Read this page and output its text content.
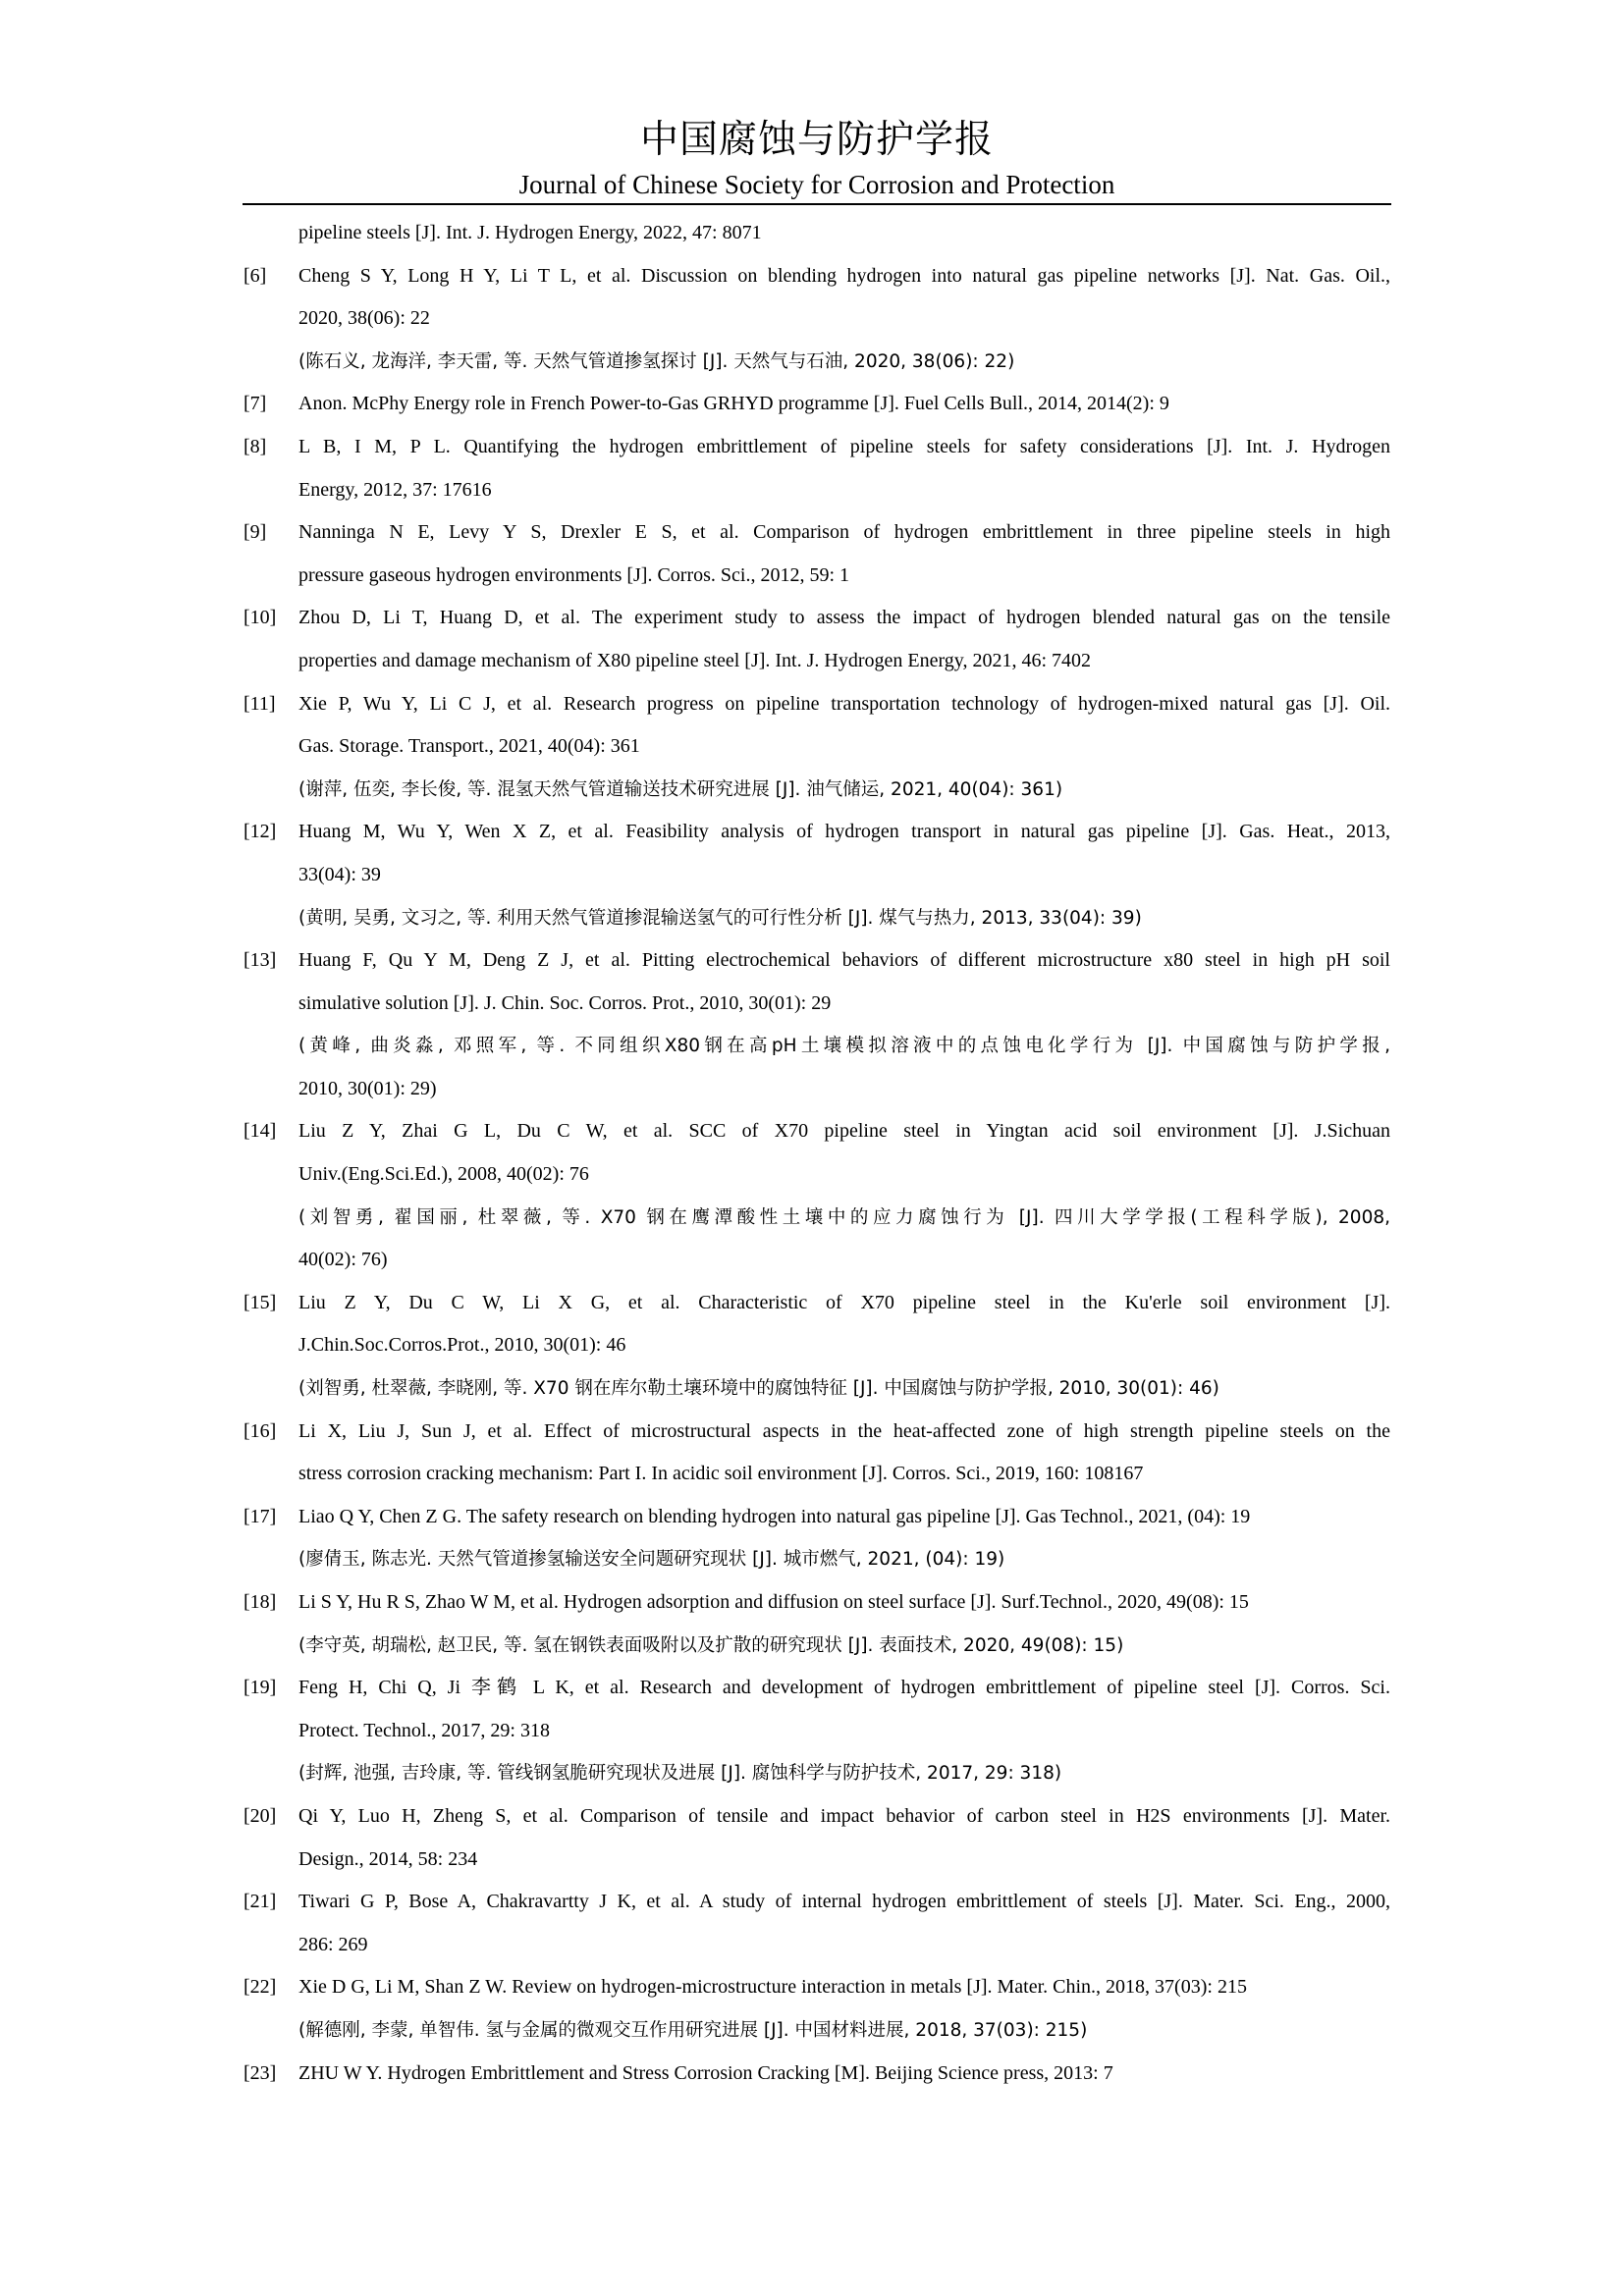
中国腐蚀与防护学报
Journal of Chinese Society for Corrosion and Protection
pipeline steels [J]. Int. J. Hydrogen Energy, 2022, 47: 8071
[6] Cheng S Y, Long H Y, Li T L, et al. Discussion on blending hydrogen into natural gas pipeline networks [J]. Nat. Gas. Oil.,
2020, 38(06): 22
(陈石义, 龙海洋, 李天雷, 等. 天然气管道掺氢探讨 [J]. 天然气与石油, 2020, 38(06): 22)
[7] Anon. McPhy Energy role in French Power-to-Gas GRHYD programme [J]. Fuel Cells Bull., 2014, 2014(2): 9
[8] L B, I M, P L. Quantifying the hydrogen embrittlement of pipeline steels for safety considerations [J]. Int. J. Hydrogen
Energy, 2012, 37: 17616
[9] Nanninga N E, Levy Y S, Drexler E S, et al. Comparison of hydrogen embrittlement in three pipeline steels in high
pressure gaseous hydrogen environments [J]. Corros. Sci., 2012, 59: 1
[10] Zhou D, Li T, Huang D, et al. The experiment study to assess the impact of hydrogen blended natural gas on the tensile
properties and damage mechanism of X80 pipeline steel [J]. Int. J. Hydrogen Energy, 2021, 46: 7402
[11] Xie P, Wu Y, Li C J, et al. Research progress on pipeline transportation technology of hydrogen-mixed natural gas [J]. Oil.
Gas. Storage. Transport., 2021, 40(04): 361
(谢萍, 伍奕, 李长俊, 等. 混氢天然气管道输送技术研究进展 [J]. 油气储运, 2021, 40(04): 361)
[12] Huang M, Wu Y, Wen X Z, et al. Feasibility analysis of hydrogen transport in natural gas pipeline [J]. Gas. Heat., 2013,
33(04): 39
(黄明, 吴勇, 文习之, 等. 利用天然气管道掺混输送氢气的可行性分析 [J]. 煤气与热力, 2013, 33(04): 39)
[13] Huang F, Qu Y M, Deng Z J, et al. Pitting electrochemical behaviors of different microstructure x80 steel in high pH soil
simulative solution [J]. J. Chin. Soc. Corros. Prot., 2010, 30(01): 29
(黄峰, 曲炎淼, 邓照军, 等. 不同组织X80钢在高pH土壤模拟溶液中的点蚀电化学行为 [J]. 中国腐蚀与防护学报,
2010, 30(01): 29)
[14] Liu Z Y, Zhai G L, Du C W, et al. SCC of X70 pipeline steel in Yingtan acid soil environment [J]. J.Sichuan
Univ.(Eng.Sci.Ed.), 2008, 40(02): 76
(刘智勇, 翟国丽, 杜翠薇, 等. X70 钢在鹰潭酸性土壤中的应力腐蚀行为 [J]. 四川大学学报(工程科学版), 2008,
40(02): 76)
[15] Liu Z Y, Du C W, Li X G, et al. Characteristic of X70 pipeline steel in the Ku'erle soil environment [J].
J.Chin.Soc.Corros.Prot., 2010, 30(01): 46
(刘智勇, 杜翠薇, 李晓刚, 等. X70 钢在库尔勒土壤环境中的腐蚀特征 [J]. 中国腐蚀与防护学报, 2010, 30(01): 46)
[16] Li X, Liu J, Sun J, et al. Effect of microstructural aspects in the heat-affected zone of high strength pipeline steels on the
stress corrosion cracking mechanism: Part I. In acidic soil environment [J]. Corros. Sci., 2019, 160: 108167
[17] Liao Q Y, Chen Z G. The safety research on blending hydrogen into natural gas pipeline [J]. Gas Technol., 2021, (04): 19
(廖倩玉, 陈志光. 天然气管道掺氢输送安全问题研究现状 [J]. 城市燃气, 2021, (04): 19)
[18] Li S Y, Hu R S, Zhao W M, et al. Hydrogen adsorption and diffusion on steel surface [J]. Surf.Technol., 2020, 49(08): 15
(李守英, 胡瑞松, 赵卫民, 等. 氢在钢铁表面吸附以及扩散的研究现状 [J]. 表面技术, 2020, 49(08): 15)
[19] Feng H, Chi Q, Ji 李鹤 L K, et al. Research and development of hydrogen embrittlement of pipeline steel [J]. Corros. Sci.
Protect. Technol., 2017, 29: 318
(封辉, 池强, 吉玲康, 等. 管线钢氢脆研究现状及进展 [J]. 腐蚀科学与防护技术, 2017, 29: 318)
[20] Qi Y, Luo H, Zheng S, et al. Comparison of tensile and impact behavior of carbon steel in H2S environments [J]. Mater.
Design., 2014, 58: 234
[21] Tiwari G P, Bose A, Chakravartty J K, et al. A study of internal hydrogen embrittlement of steels [J]. Mater. Sci. Eng., 2000,
286: 269
[22] Xie D G, Li M, Shan Z W. Review on hydrogen-microstructure interaction in metals [J]. Mater. Chin., 2018, 37(03): 215
(解德刚, 李蒙, 单智伟. 氢与金属的微观交互作用研究进展 [J]. 中国材料进展, 2018, 37(03): 215)
[23] ZHU W Y. Hydrogen Embrittlement and Stress Corrosion Cracking [M]. Beijing Science press, 2013: 7
